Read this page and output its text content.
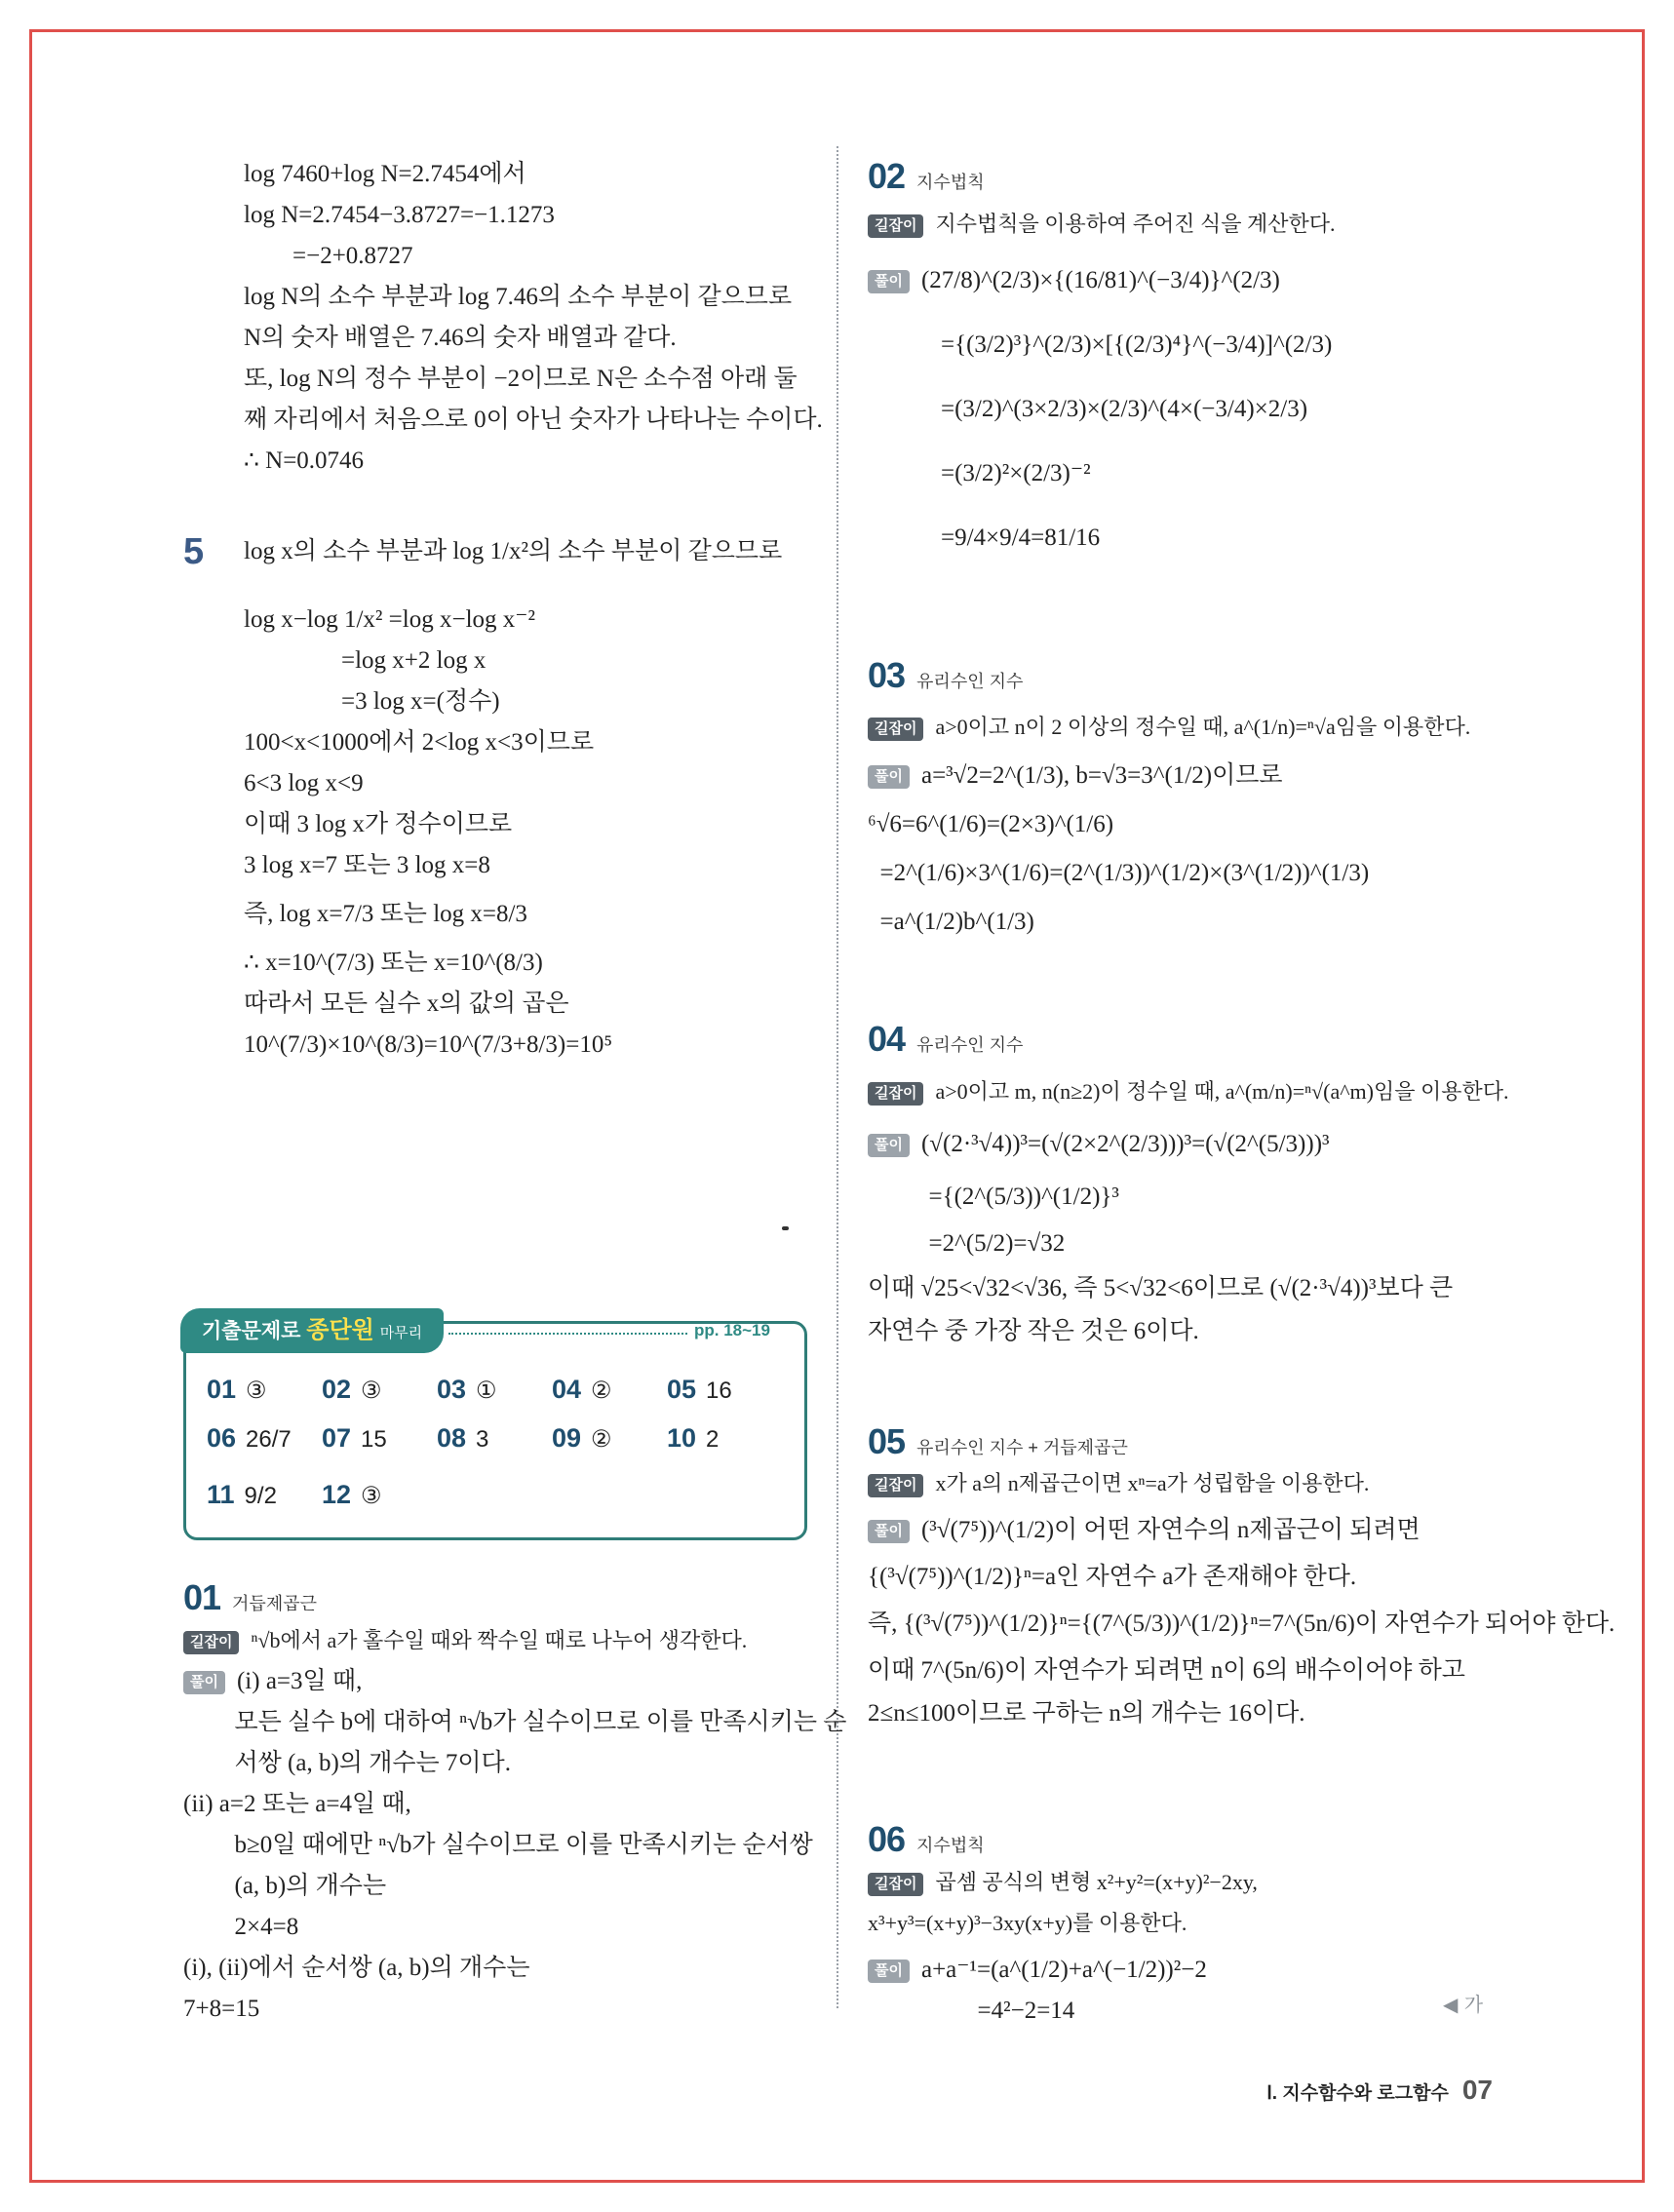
log 7460+log N=2.7454에서
log N=2.7454−3.8727=−1.1273
=−2+0.8727
log N의 소수 부분과 log 7.46의 소수 부분이 같으므로
N의 숫자 배열은 7.46의 숫자 배열과 같다.
또, log N의 정수 부분이 −2이므로 N은 소수점 아래 둘
째 자리에서 처음으로 0이 아닌 숫자가 나타나는 수이다.
∴ N=0.0746
5 log x의 소수 부분과 log 1/x²의 소수 부분이 같으므로
log x−log 1/x² =log x−log x⁻²
=log x+2 log x
=3 log x=(정수)
100<x<1000에서 2<log x<3이므로
6<3 log x<9
이때 3 log x가 정수이므로
3 log x=7 또는 3 log x=8
즉, log x=7/3 또는 log x=8/3
∴ x=10^(7/3) 또는 x=10^(8/3)
따라서 모든 실수 x의 값의 곱은
10^(7/3)×10^(8/3)=10^(7/3+8/3)=10⁵
기출문제로 종단원 마무리	pp. 18~19
01 ③ 02 ③ 03 ① 04 ② 05 16
06 26/7 07 15 08 3 09 ② 10 2
11 9/2 12 ③
01 거듭제곱근
길잡이 ⁿ√b에서 a가 홀수일 때와 짝수일 때로 나누어 생각한다.
풀이 (i) a=3일 때,
모든 실수 b에 대하여 ⁿ√b가 실수이므로 이를 만족시키는 순
서쌍 (a, b)의 개수는 7이다.
(ii) a=2 또는 a=4일 때,
b≥0일 때에만 ⁿ√b가 실수이므로 이를 만족시키는 순서쌍
(a, b)의 개수는
2×4=8
(i), (ii)에서 순서쌍 (a, b)의 개수는
7+8=15
02 지수법칙
길잡이 지수법칙을 이용하여 주어진 식을 계산한다.
풀이 (27/8)^(2/3)×{(16/81)^(−3/4)}^(2/3)
={(3/2)³}^(2/3)×[{(2/3)⁴}^(−3/4)]^(2/3)
=(3/2)^(3×2/3)×(2/3)^(4×(−3/4)×2/3)
=(3/2)²×(2/3)⁻²
=9/4×9/4=81/16
03 유리수인 지수
길잡이 a>0이고 n이 2 이상의 정수일 때, a^(1/n)=ⁿ√a임을 이용한다.
풀이 a=³√2=2^(1/3), b=√3=3^(1/2)이므로
⁶√6=6^(1/6)=(2×3)^(1/6)
=2^(1/6)×3^(1/6)=(2^(1/3))^(1/2)×(3^(1/2))^(1/3)
=a^(1/2)b^(1/3)
04 유리수인 지수
길잡이 a>0이고 m, n(n≥2)이 정수일 때, a^(m/n)=ⁿ√(a^m)임을 이용한다.
풀이 (√(2·³√4))³=(√(2×2^(2/3)))³=(√(2^(5/3)))³
={(2^(5/3))^(1/2)}³
=2^(5/2)=√32
이때 √25<√32<√36, 즉 5<√32<6이므로 (√(2·³√4))³보다 큰
자연수 중 가장 작은 것은 6이다.
05 유리수인 지수 + 거듭제곱근
길잡이 x가 a의 n제곱근이면 xⁿ=a가 성립함을 이용한다.
풀이 (³√(7⁵))^(1/2)이 어떤 자연수의 n제곱근이 되려면
{(³√(7⁵))^(1/2)}ⁿ=a인 자연수 a가 존재해야 한다.
즉, {(³√(7⁵))^(1/2)}ⁿ={(7^(5/3))^(1/2)}ⁿ=7^(5n/6)이 자연수가 되어야 한다.
이때 7^(5n/6)이 자연수가 되려면 n이 6의 배수이어야 하고
2≤n≤100이므로 구하는 n의 개수는 16이다.
06 지수법칙
길잡이 곱셈 공식의 변형 x²+y²=(x+y)²−2xy,
x³+y³=(x+y)³−3xy(x+y)를 이용한다.
풀이 a+a⁻¹=(a^(1/2)+a^(−1/2))²−2
=4²−2=14	◀ 가
Ⅰ. 지수함수와 로그함수 07
